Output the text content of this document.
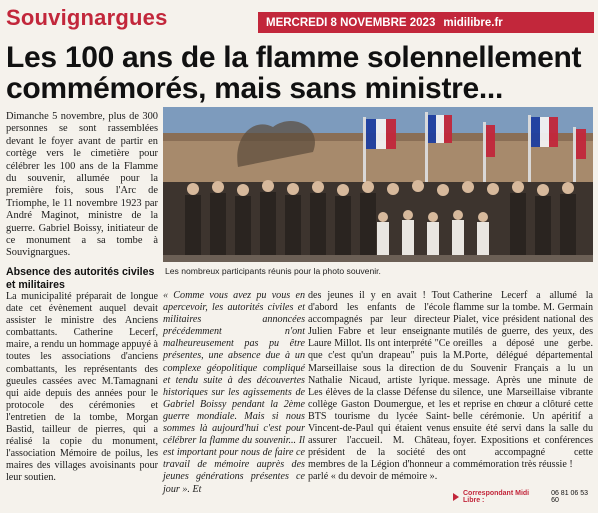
Souvignargues	MERCREDI 8 NOVEMBRE 2023 midilibre.fr
Les 100 ans de la flamme solennellement
commémorés, mais sans ministre...
Dimanche 5 novembre, plus de 300 personnes se sont rassemblées devant le foyer avant de partir en cortège vers le cimetière pour célébrer les 100 ans de la Flamme du souvenir, allumée pour la première fois, sous l'Arc de Triomphe, le 11 novembre 1923 par André Maginot, ministre de la guerre. Gabriel Boissy, initiateur de ce monument a sa tombe à Souvignargues.
Les nombreux participants réunis pour la photo souvenir.
Absence des autorités civiles et militaires

La municipalité préparait de longue date cet évènement auquel devait assister le ministre des Anciens combattants. Catherine Lecerf, maire, a rendu un hommage appuyé à toutes les associations d'anciens combattants, les représentants des gueules cassées avec M.Tamagnani qui aide depuis des années pour le protocole des cérémonies et l'entretien de la tombe, Morgan Bastid, tailleur de pierres, qui a réalisé la copie du monument, l'association Mémoire de poilus, les maires des villages avoisinants pour leur soutien.

« Comme vous avez pu vous en apercevoir, les autorités civiles et militaires annoncées précédemment n'ont malheureusement pas pu être présentes, une absence due à un complexe géopolitique compliqué et tendu suite à des découvertes historiques sur les agissements de Gabriel Boissy pendant la 2ème guerre mondiale. Mais si nous sommes là aujourd'hui c'est pour célébrer la flamme du souvenir... Il est important pour nous de faire ce travail de mémoire auprès des jeunes générations présentes ce jour ». Et

des jeunes il y en avait ! Tout d'abord les enfants de l'école accompagnés par leur directeur Julien Fabre et leur enseignante Laure Millot. Ils ont interprété "Ce que c'est qu'un drapeau" puis la Marseillaise sous la direction de Nathalie Nicaud, artiste lyrique. Les élèves de la classe Défense du collège Gaston Doumergue, et les BTS tourisme du lycée Saint-Vincent-de-Paul qui étaient venus assurer l'accueil. M. Château, président de la société des membres de la Légion d'honneur a parlé « du devoir de mémoire ».

Catherine Lecerf a allumé la flamme sur la tombe. M. Germain Pialet, vice président national des mutilés de guerre, des yeux, des oreilles a déposé une gerbe. M.Porte, délégué départemental du Souvenir Français a lu un message. Après une minute de silence, une Marseillaise vibrante et reprise en chœur a clôturé cette belle cérémonie. Un apéritif a ensuite été servi dans la salle du foyer. Expositions et conférences ont accompagné cette commémoration très réussie !

Correspondant Midi Libre :
06 81 06 53 60
